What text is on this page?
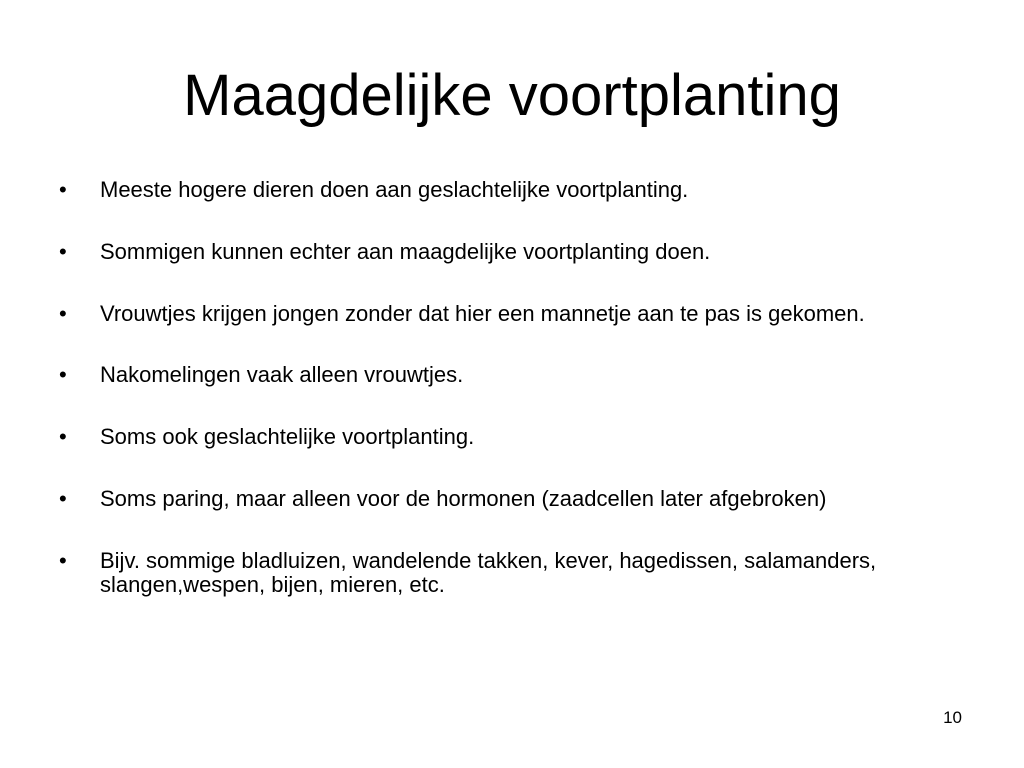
Maagdelijke voortplanting
• Meeste hogere dieren doen aan geslachtelijke voortplanting.
• Sommigen kunnen echter aan maagdelijke voortplanting doen.
• Vrouwtjes krijgen jongen zonder dat hier een mannetje aan te pas is gekomen.
• Nakomelingen vaak alleen vrouwtjes.
• Soms ook geslachtelijke voortplanting.
• Soms paring, maar alleen voor de hormonen (zaadcellen later afgebroken)
• Bijv. sommige bladluizen, wandelende takken, kever, hagedissen, salamanders, slangen,wespen, bijen, mieren, etc.
10
